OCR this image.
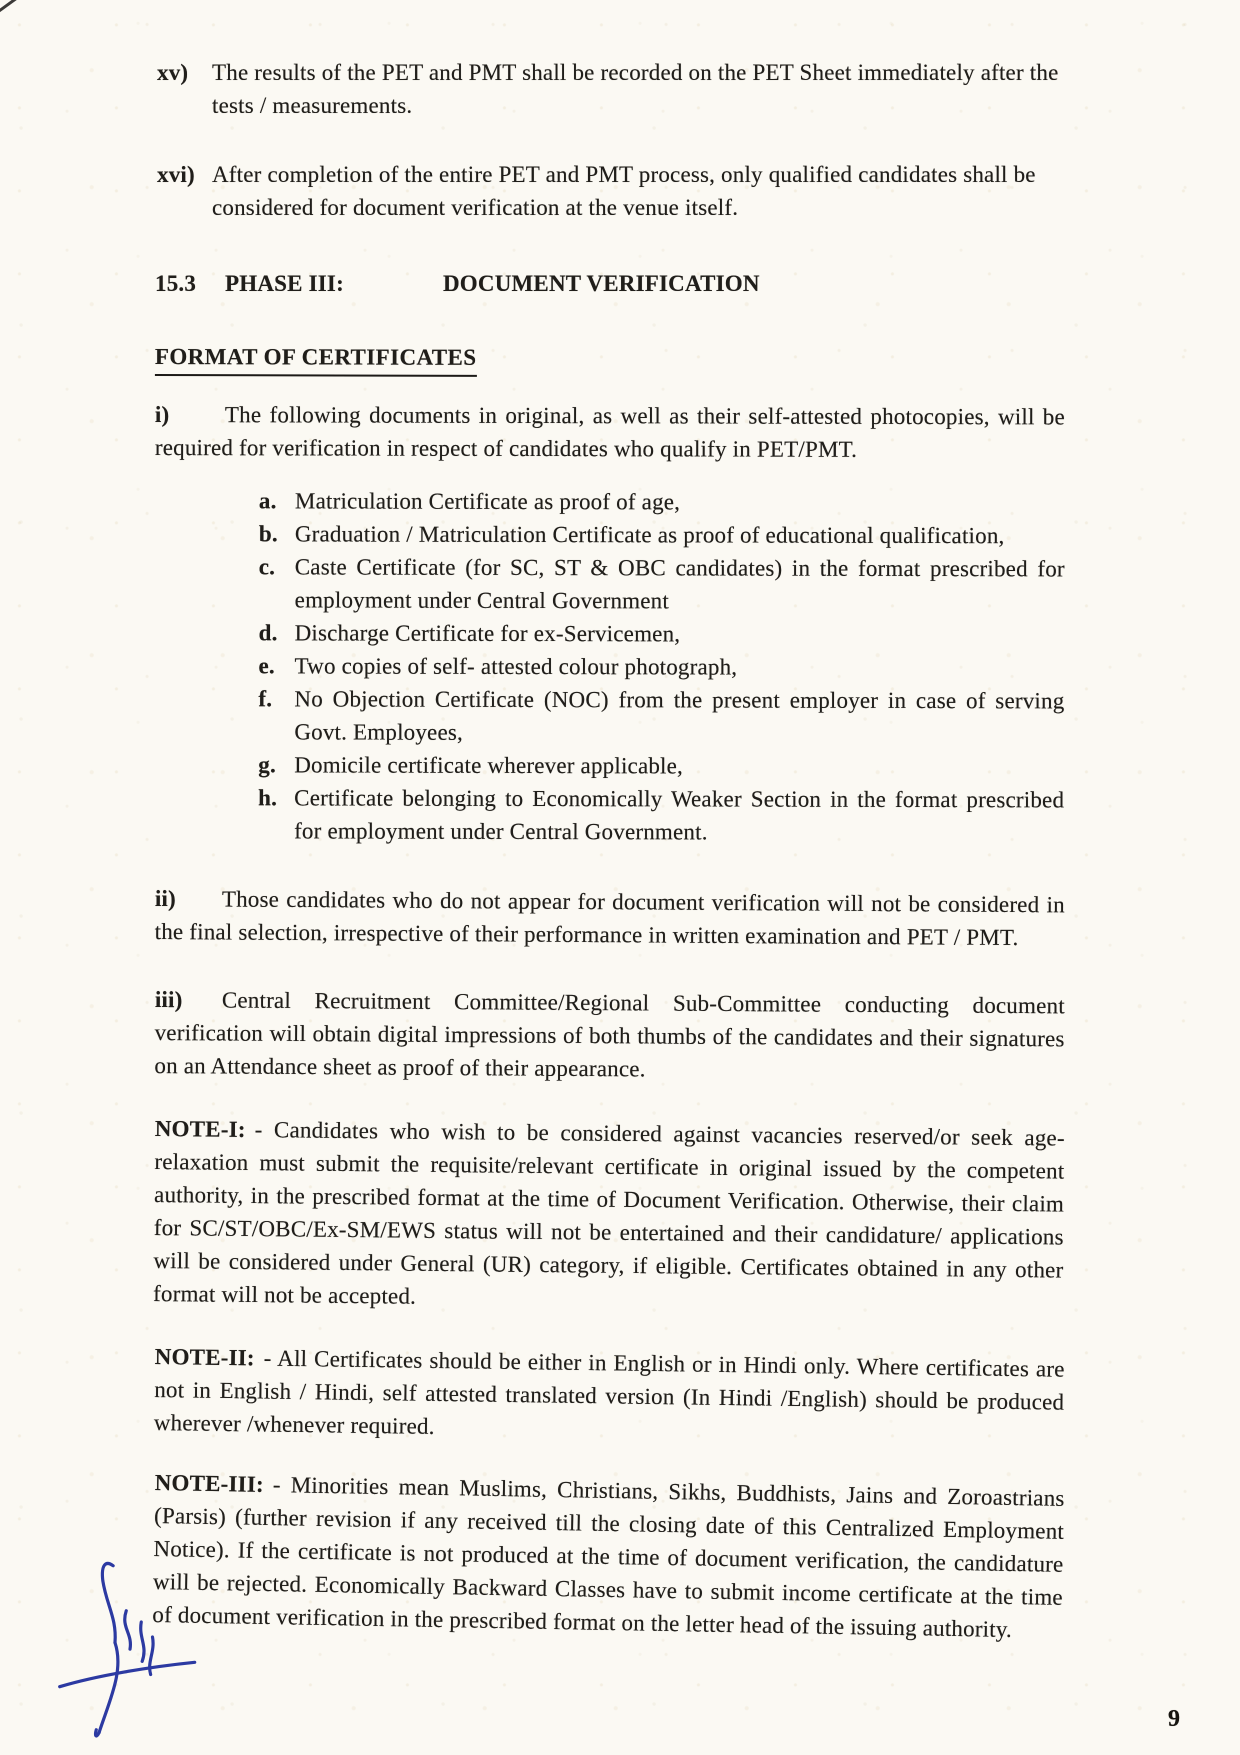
xv) The results of the PET and PMT shall be recorded on the PET Sheet immediately after the tests / measurements.
xvi) After completion of the entire PET and PMT process, only qualified candidates shall be considered for document verification at the venue itself.
15.3 PHASE III:	DOCUMENT VERIFICATION
FORMAT OF CERTIFICATES

i) The following documents in original, as well as their self-attested photocopies, will be required for verification in respect of candidates who qualify in PET/PMT.

a. Matriculation Certificate as proof of age,
b. Graduation / Matriculation Certificate as proof of educational qualification,
c. Caste Certificate (for SC, ST & OBC candidates) in the format prescribed for employment under Central Government
d. Discharge Certificate for ex-Servicemen,
e. Two copies of self- attested colour photograph,
f. No Objection Certificate (NOC) from the present employer in case of serving Govt. Employees,
g. Domicile certificate wherever applicable,
h. Certificate belonging to Economically Weaker Section in the format prescribed for employment under Central Government.

ii) Those candidates who do not appear for document verification will not be considered in the final selection, irrespective of their performance in written examination and PET / PMT.

iii) Central Recruitment Committee/Regional Sub-Committee conducting document verification will obtain digital impressions of both thumbs of the candidates and their signatures on an Attendance sheet as proof of their appearance.

NOTE-I: - Candidates who wish to be considered against vacancies reserved/or seek age-relaxation must submit the requisite/relevant certificate in original issued by the competent authority, in the prescribed format at the time of Document Verification. Otherwise, their claim for SC/ST/OBC/Ex-SM/EWS status will not be entertained and their candidature/ applications will be considered under General (UR) category, if eligible. Certificates obtained in any other format will not be accepted.

NOTE-II: - All Certificates should be either in English or in Hindi only. Where certificates are not in English / Hindi, self attested translated version (In Hindi /English) should be produced wherever /whenever required.

NOTE-III: - Minorities mean Muslims, Christians, Sikhs, Buddhists, Jains and Zoroastrians (Parsis) (further revision if any received till the closing date of this Centralized Employment Notice). If the certificate is not produced at the time of document verification, the candidature will be rejected. Economically Backward Classes have to submit income certificate at the time of document verification in the prescribed format on the letter head of the issuing authority.

9
